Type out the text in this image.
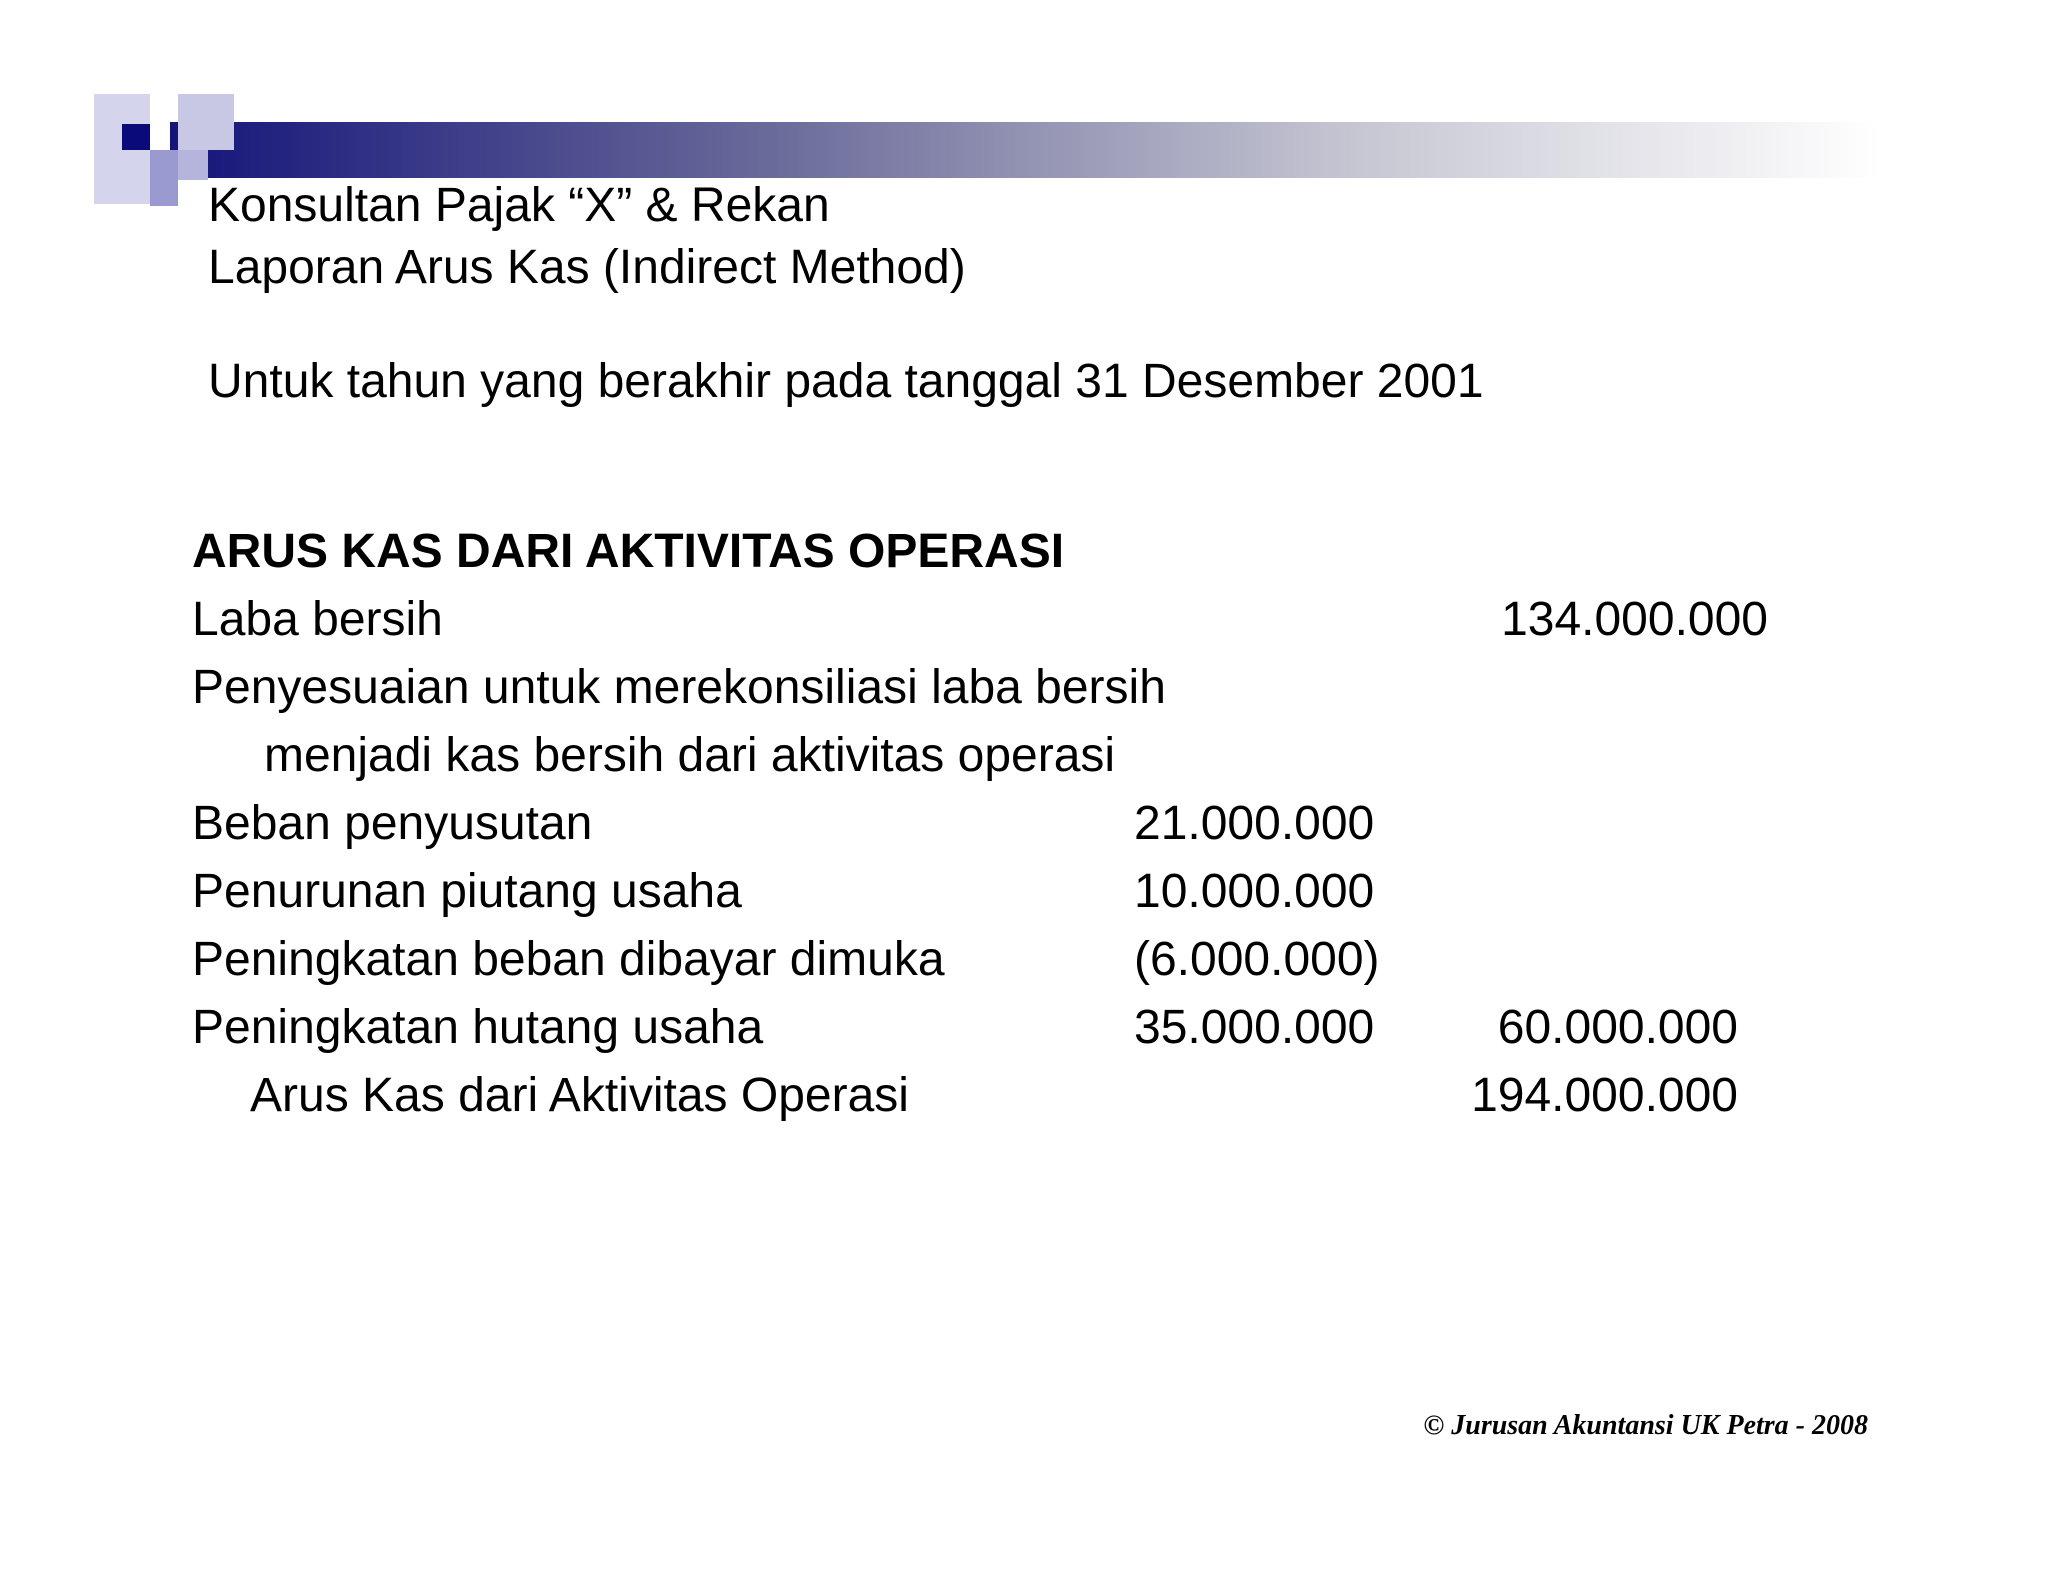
Konsultan Pajak “X” & Rekan
Laporan Arus Kas (Indirect Method)
Untuk tahun yang berakhir pada tanggal 31 Desember 2001
ARUS KAS DARI AKTIVITAS OPERASI
Laba bersih	134.000.000
Penyesuaian untuk merekonsiliasi laba bersih
menjadi kas bersih dari aktivitas operasi
Beban penyusutan	21.000.000
Penurunan piutang usaha	10.000.000
Peningkatan beban dibayar dimuka	(6.000.000)
Peningkatan hutang usaha	35.000.000	60.000.000
Arus Kas dari Aktivitas Operasi	194.000.000
© Jurusan Akuntansi UK Petra - 2008
